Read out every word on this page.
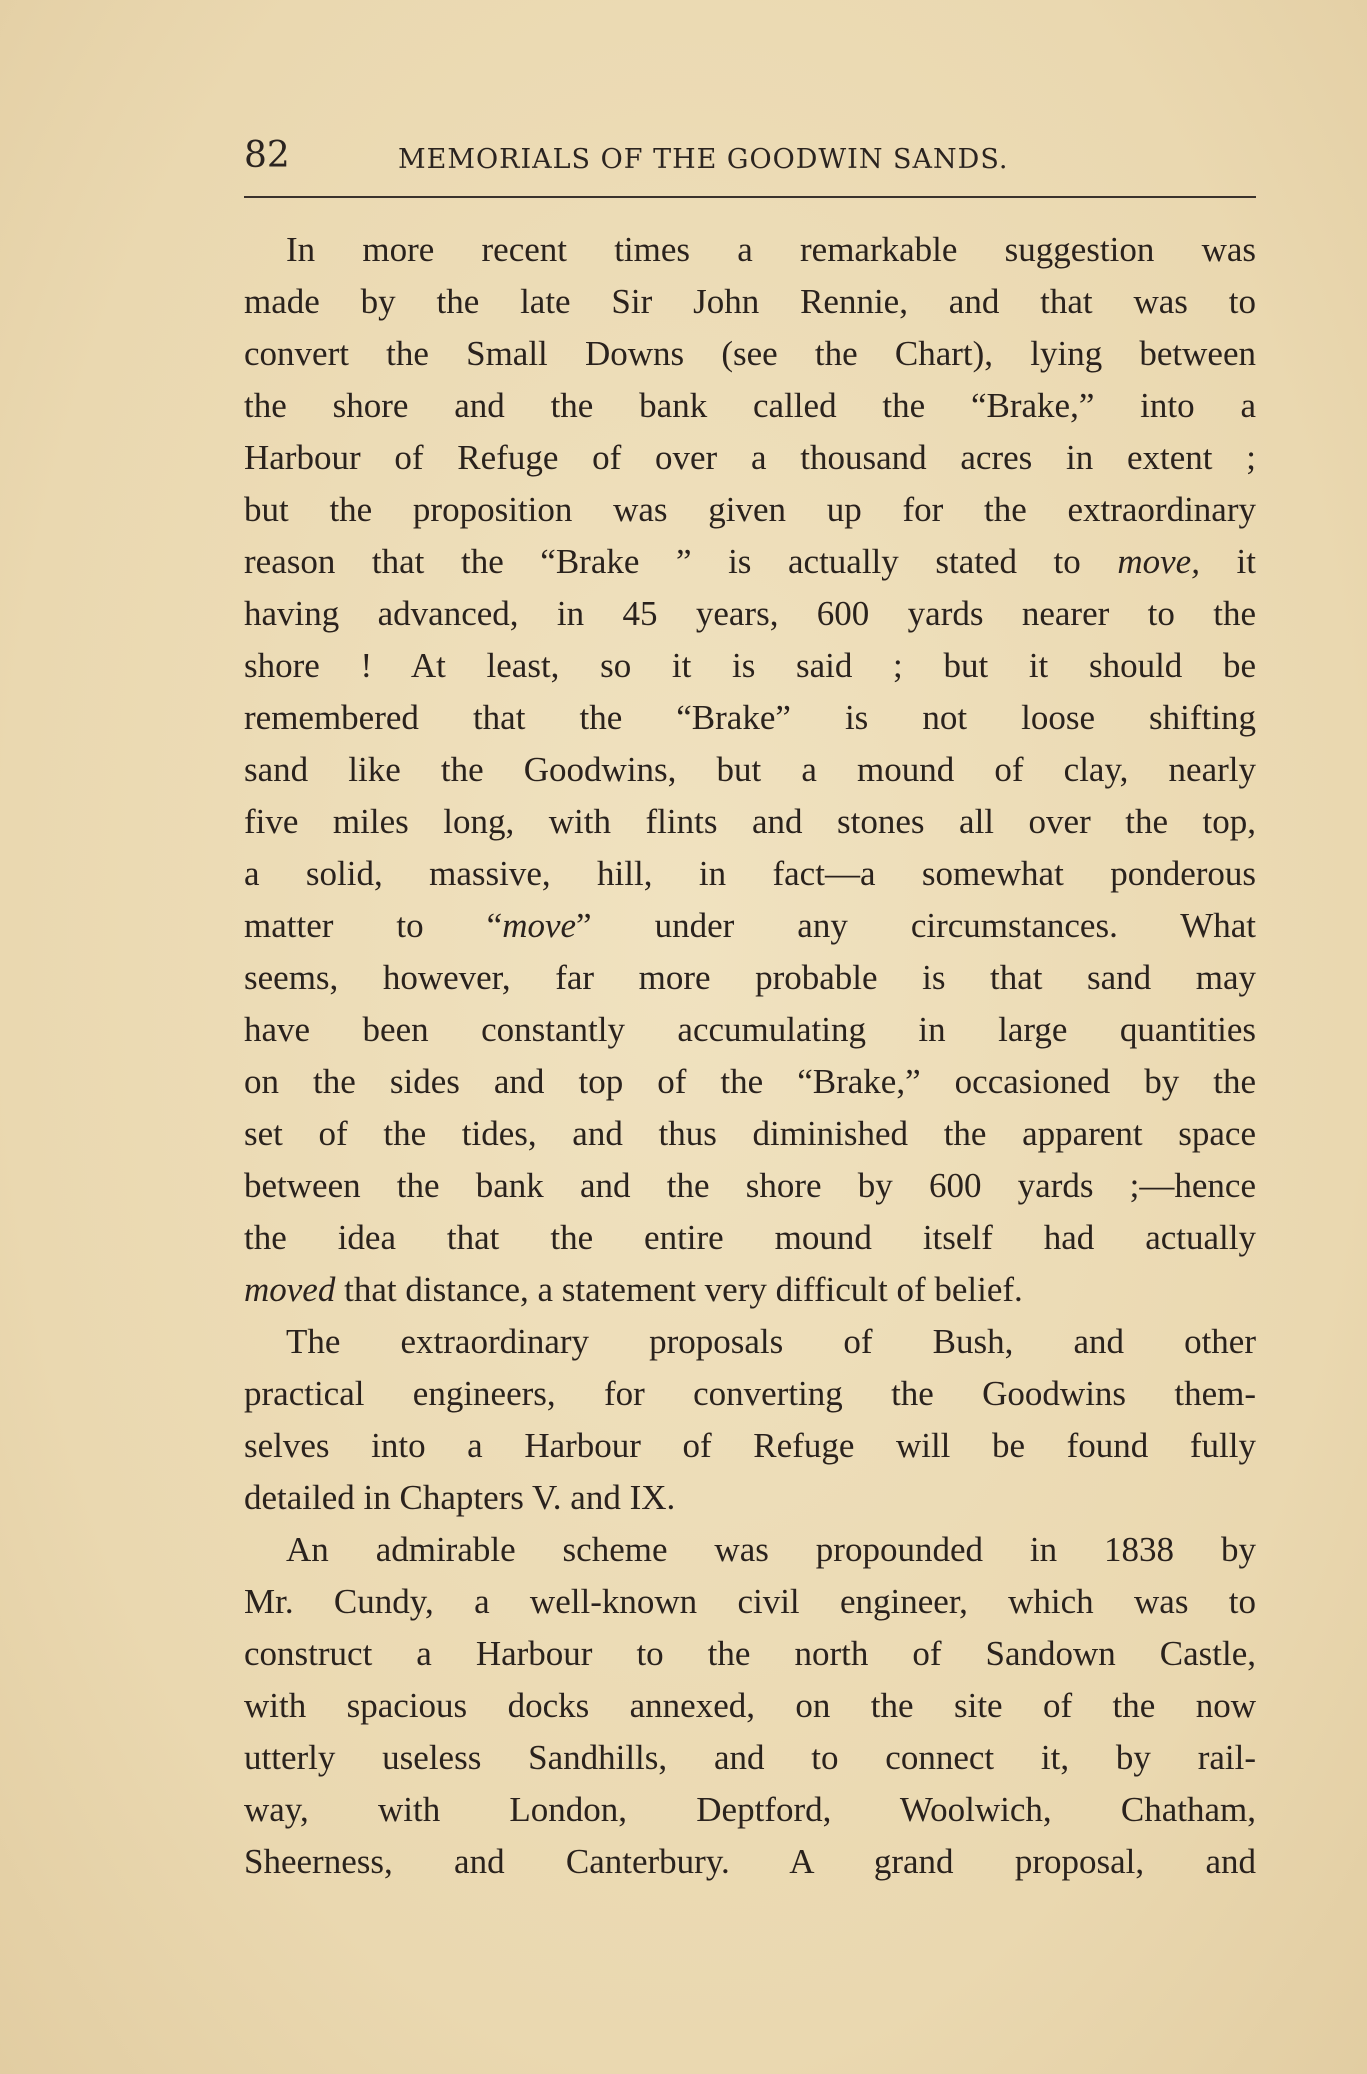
82	MEMORIALS OF THE GOODWIN SANDS.
In more recent times a remarkable suggestion was
made by the late Sir John Rennie, and that was to
convert the Small Downs (see the Chart), lying between
the shore and the bank called the “Brake,” into a
Harbour of Refuge of over a thousand acres in extent ;
but the proposition was given up for the extraordinary
reason that the “Brake ” is actually stated to move, it
having advanced, in 45 years, 600 yards nearer to the
shore ! At least, so it is said ; but it should be
remembered that the “Brake” is not loose shifting
sand like the Goodwins, but a mound of clay, nearly
five miles long, with flints and stones all over the top,
a solid, massive, hill, in fact—a somewhat ponderous
matter to “move” under any circumstances. What
seems, however, far more probable is that sand may
have been constantly accumulating in large quantities
on the sides and top of the “Brake,” occasioned by the
set of the tides, and thus diminished the apparent space
between the bank and the shore by 600 yards ;—hence
the idea that the entire mound itself had actually
moved that distance, a statement very difficult of belief.
The extraordinary proposals of Bush, and other
practical engineers, for converting the Goodwins them-
selves into a Harbour of Refuge will be found fully
detailed in Chapters V. and IX.
An admirable scheme was propounded in 1838 by
Mr. Cundy, a well-known civil engineer, which was to
construct a Harbour to the north of Sandown Castle,
with spacious docks annexed, on the site of the now
utterly useless Sandhills, and to connect it, by rail-
way, with London, Deptford, Woolwich, Chatham,
Sheerness, and Canterbury. A grand proposal, and
